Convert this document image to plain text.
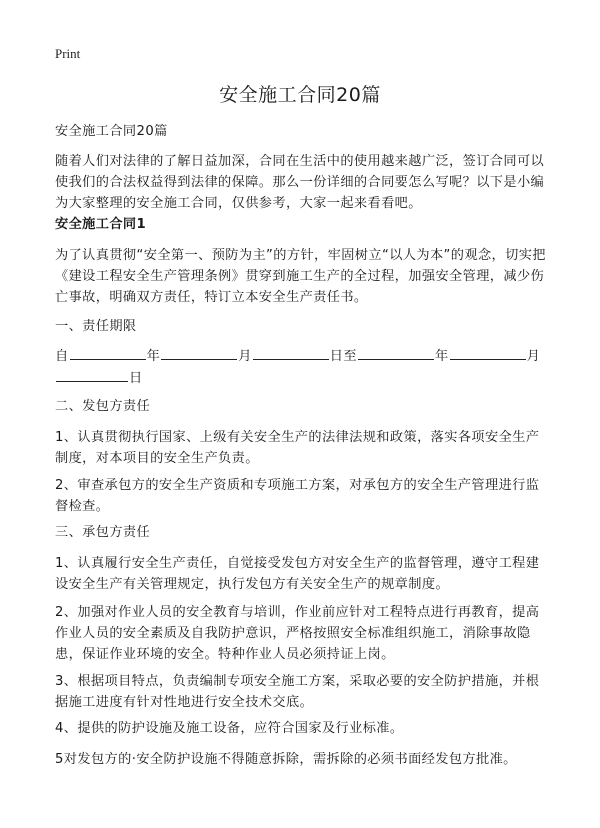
Print
安全施工合同20篇

安全施工合同20篇

随着人们对法律的了解日益加深，合同在生活中的使用越来越广泛，签订合同可以使我们的合法权益得到法律的保障。那么一份详细的合同要怎么写呢？以下是小编为大家整理的安全施工合同，仅供参考，大家一起来看看吧。

安全施工合同1

为了认真贯彻“安全第一、预防为主”的方针，牢固树立“以人为本”的观念，切实把《建设工程安全生产管理条例》贯穿到施工生产的全过程，加强安全管理，减少伤亡事故，明确双方责任，特订立本安全生产责任书。

一、责任期限

自	年	月	日至	年	月
日

二、发包方责任

1、认真贯彻执行国家、上级有关安全生产的法律法规和政策，落实各项安全生产制度，对本项目的安全生产负责。

2、审查承包方的安全生产资质和专项施工方案，对承包方的安全生产管理进行监督检查。

三、承包方责任

1、认真履行安全生产责任，自觉接受发包方对安全生产的监督管理，遵守工程建设安全生产有关管理规定，执行发包方有关安全生产的规章制度。

2、加强对作业人员的安全教育与培训，作业前应针对工程特点进行再教育，提高作业人员的安全素质及自我防护意识，严格按照安全标准组织施工，消除事故隐患，保证作业环境的安全。特种作业人员必须持证上岗。

3、根据项目特点，负责编制专项安全施工方案，采取必要的安全防护措施，并根据施工进度有针对性地进行安全技术交底。

4、提供的防护设施及施工设备，应符合国家及行业标准。

5对发包方的·安全防护设施不得随意拆除，需拆除的必须书面经发包方批准。
